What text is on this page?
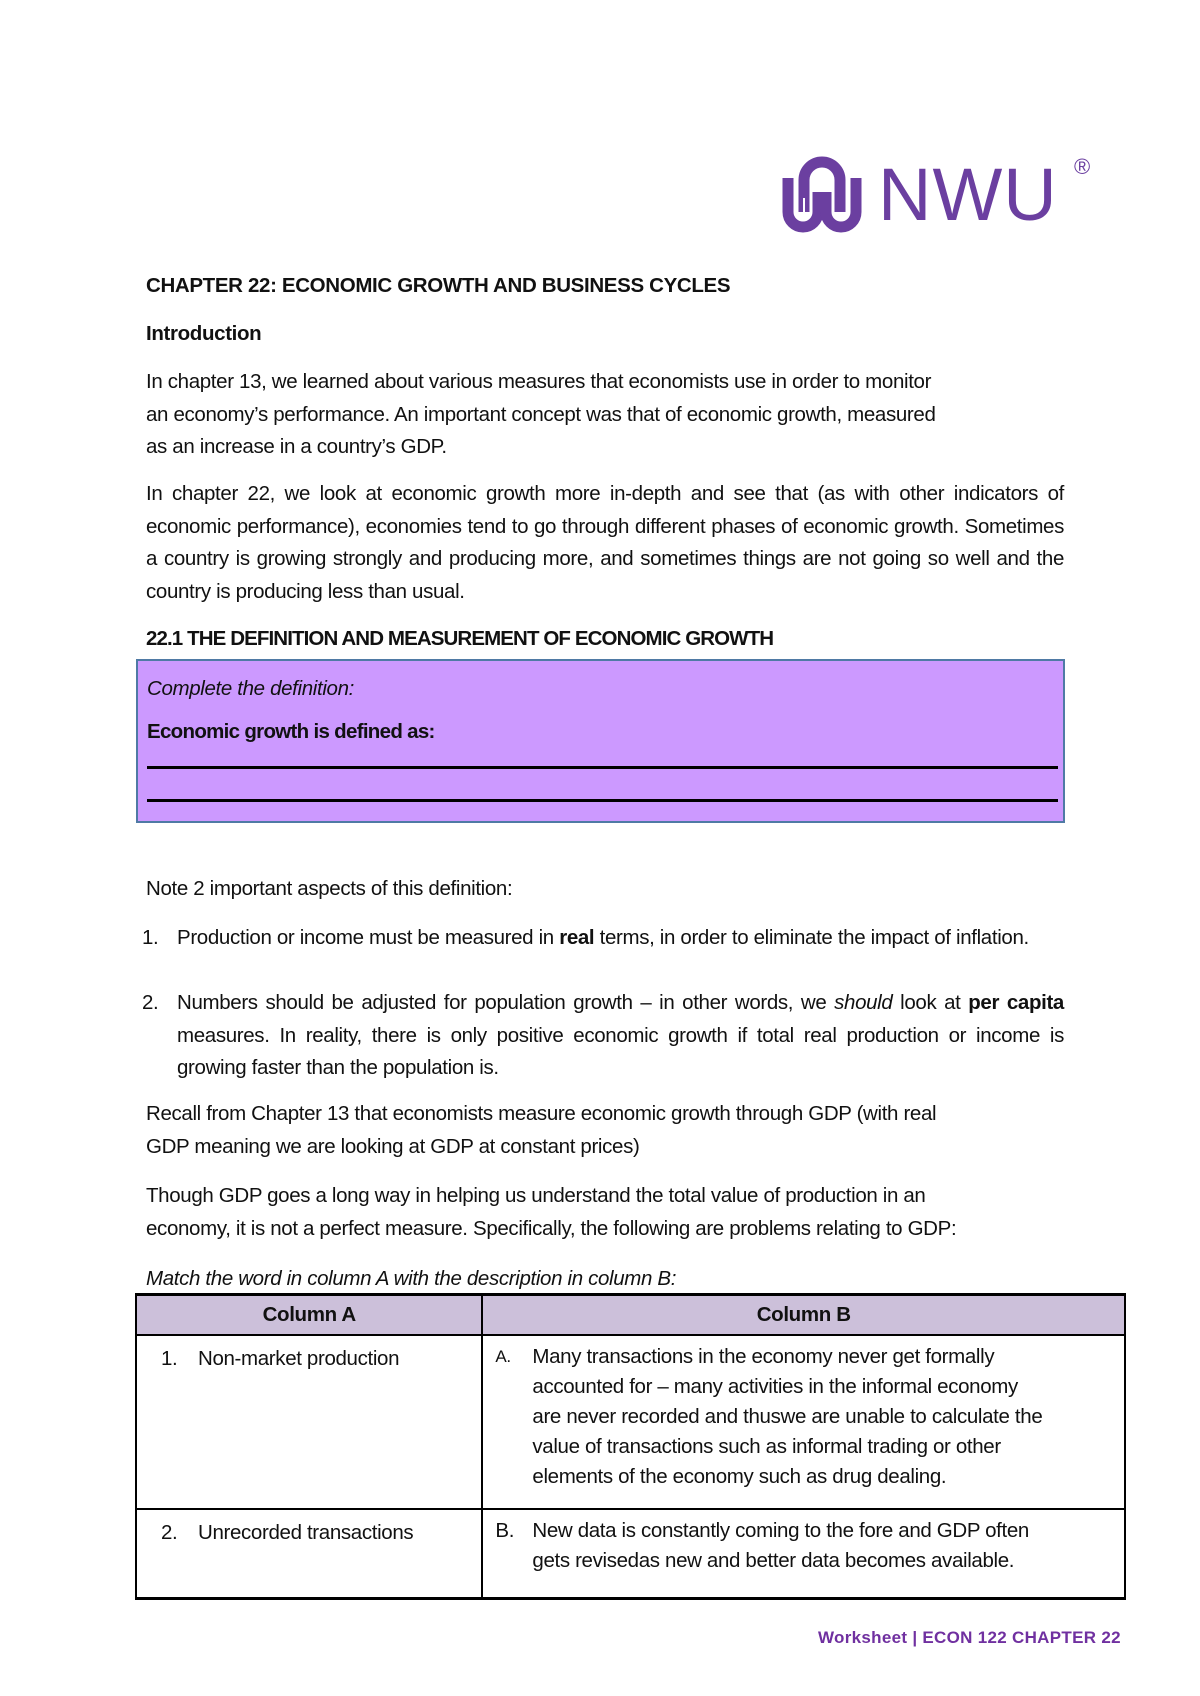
NWU ®
CHAPTER 22: ECONOMIC GROWTH AND BUSINESS CYCLES
Introduction
In chapter 13, we learned about various measures that economists use in order to monitor
an economy’s performance. An important concept was that of economic growth, measured
as an increase in a country’s GDP.
In chapter 22, we look at economic growth more in-depth and see that (as with other indicators of economic performance), economies tend to go through different phases of economic growth. Sometimes a country is growing strongly and producing more, and sometimes things are not going so well and the country is producing less than usual.
22.1 THE DEFINITION AND MEASUREMENT OF ECONOMIC GROWTH
Complete the definition:
Economic growth is defined as:
Note 2 important aspects of this definition:
1. Production or income must be measured in real terms, in order to eliminate the impact of inflation.
2. Numbers should be adjusted for population growth – in other words, we should look at per capita measures. In reality, there is only positive economic growth if total real production or income is growing faster than the population is.
Recall from Chapter 13 that economists measure economic growth through GDP (with real
GDP meaning we are looking at GDP at constant prices)
Though GDP goes a long way in helping us understand the total value of production in an
economy, it is not a perfect measure. Specifically, the following are problems relating to GDP:
Match the word in column A with the description in column B:
Column A	Column B

1. Non-market production	A. Many transactions in the economy never get formally
accounted for – many activities in the informal economy
are never recorded and thuswe are unable to calculate the
value of transactions such as informal trading or other
elements of the economy such as drug dealing.

2. Unrecorded transactions	B. New data is constantly coming to the fore and GDP often
gets revisedas new and better data becomes available.
Worksheet | ECON 122 CHAPTER 22
